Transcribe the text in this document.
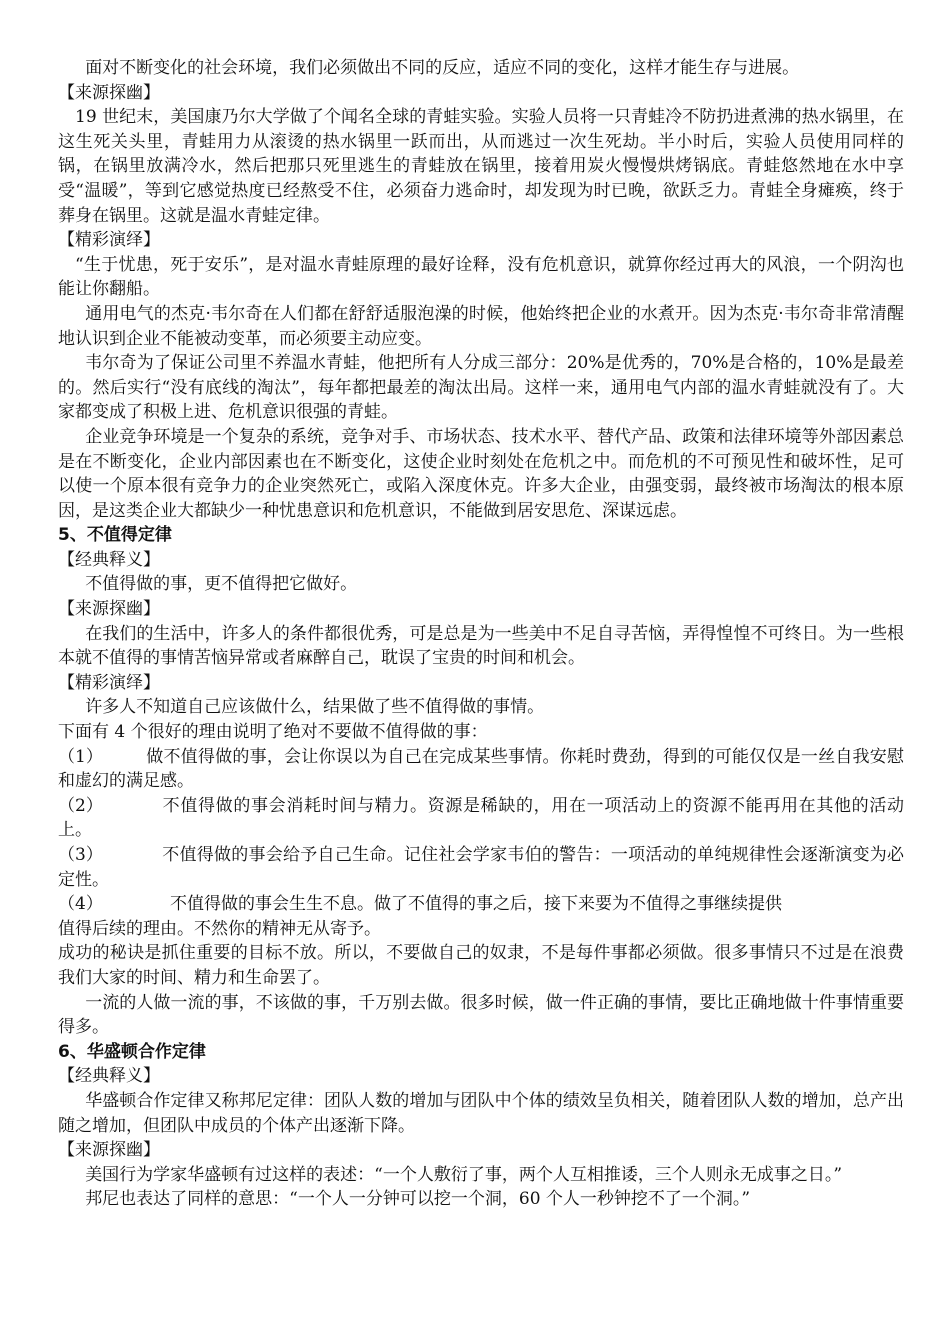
面对不断变化的社会环境，我们必须做出不同的反应，适应不同的变化，这样才能生存与进展。

【来源探幽】

19 世纪末，美国康乃尔大学做了个闻名全球的青蛙实验。实验人员将一只青蛙冷不防扔进煮沸的热水锅里，在这生死关头里，青蛙用力从滚烫的热水锅里一跃而出，从而逃过一次生死劫。半小时后，实验人员使用同样的锅，在锅里放满冷水，然后把那只死里逃生的青蛙放在锅里，接着用炭火慢慢烘烤锅底。青蛙悠然地在水中享受“温暖”，等到它感觉热度已经熬受不住，必须奋力逃命时，却发现为时已晚，欲跃乏力。青蛙全身瘫痪，终于葬身在锅里。这就是温水青蛙定律。

【精彩演绎】

“生于忧患，死于安乐”，是对温水青蛙原理的最好诠释，没有危机意识，就算你经过再大的风浪，一个阴沟也能让你翻船。

通用电气的杰克·韦尔奇在人们都在舒舒适服泡澡的时候，他始终把企业的水煮开。因为杰克·韦尔奇非常清醒地认识到企业不能被动变革，而必须要主动应变。

韦尔奇为了保证公司里不养温水青蛙，他把所有人分成三部分：20%是优秀的，70%是合格的，10%是最差的。然后实行“没有底线的淘汰”，每年都把最差的淘汰出局。这样一来，通用电气内部的温水青蛙就没有了。大家都变成了积极上进、危机意识很强的青蛙。

企业竞争环境是一个复杂的系统，竞争对手、市场状态、技术水平、替代产品、政策和法律环境等外部因素总是在不断变化，企业内部因素也在不断变化，这使企业时刻处在危机之中。而危机的不可预见性和破坏性，足可以使一个原本很有竞争力的企业突然死亡，或陷入深度休克。许多大企业，由强变弱，最终被市场淘汰的根本原因，是这类企业大都缺少一种忧患意识和危机意识，不能做到居安思危、深谋远虑。

5、不值得定律

【经典释义】

不值得做的事，更不值得把它做好。

【来源探幽】

在我们的生活中，许多人的条件都很优秀，可是总是为一些美中不足自寻苦恼，弄得惶惶不可终日。为一些根本就不值得的事情苦恼异常或者麻醉自己，耽误了宝贵的时间和机会。

【精彩演绎】

许多人不知道自己应该做什么，结果做了些不值得做的事情。

下面有 4 个很好的理由说明了绝对不要做不值得做的事：

（1）	做不值得做的事，会让你误以为自己在完成某些事情。你耗时费劲，得到的可能仅仅是一丝自我安慰和虚幻的满足感。

（2）	不值得做的事会消耗时间与精力。资源是稀缺的，用在一项活动上的资源不能再用在其他的活动上。

（3）	不值得做的事会给予自己生命。记住社会学家韦伯的警告：一项活动的单纯规律性会逐渐演变为必定性。

（4）	不值得做的事会生生不息。做了不值得的事之后，接下来要为不值得之事继续提供

值得后续的理由。不然你的精神无从寄予。

成功的秘诀是抓住重要的目标不放。所以，不要做自己的奴隶，不是每件事都必须做。很多事情只不过是在浪费我们大家的时间、精力和生命罢了。

一流的人做一流的事，不该做的事，千万别去做。很多时候，做一件正确的事情，要比正确地做十件事情重要得多。

6、华盛顿合作定律

【经典释义】

华盛顿合作定律又称邦尼定律：团队人数的增加与团队中个体的绩效呈负相关，随着团队人数的增加，总产出随之增加，但团队中成员的个体产出逐渐下降。

【来源探幽】

美国行为学家华盛顿有过这样的表述：“一个人敷衍了事，两个人互相推诿，三个人则永无成事之日。”

邦尼也表达了同样的意思：“一个人一分钟可以挖一个洞，60 个人一秒钟挖不了一个洞。”
